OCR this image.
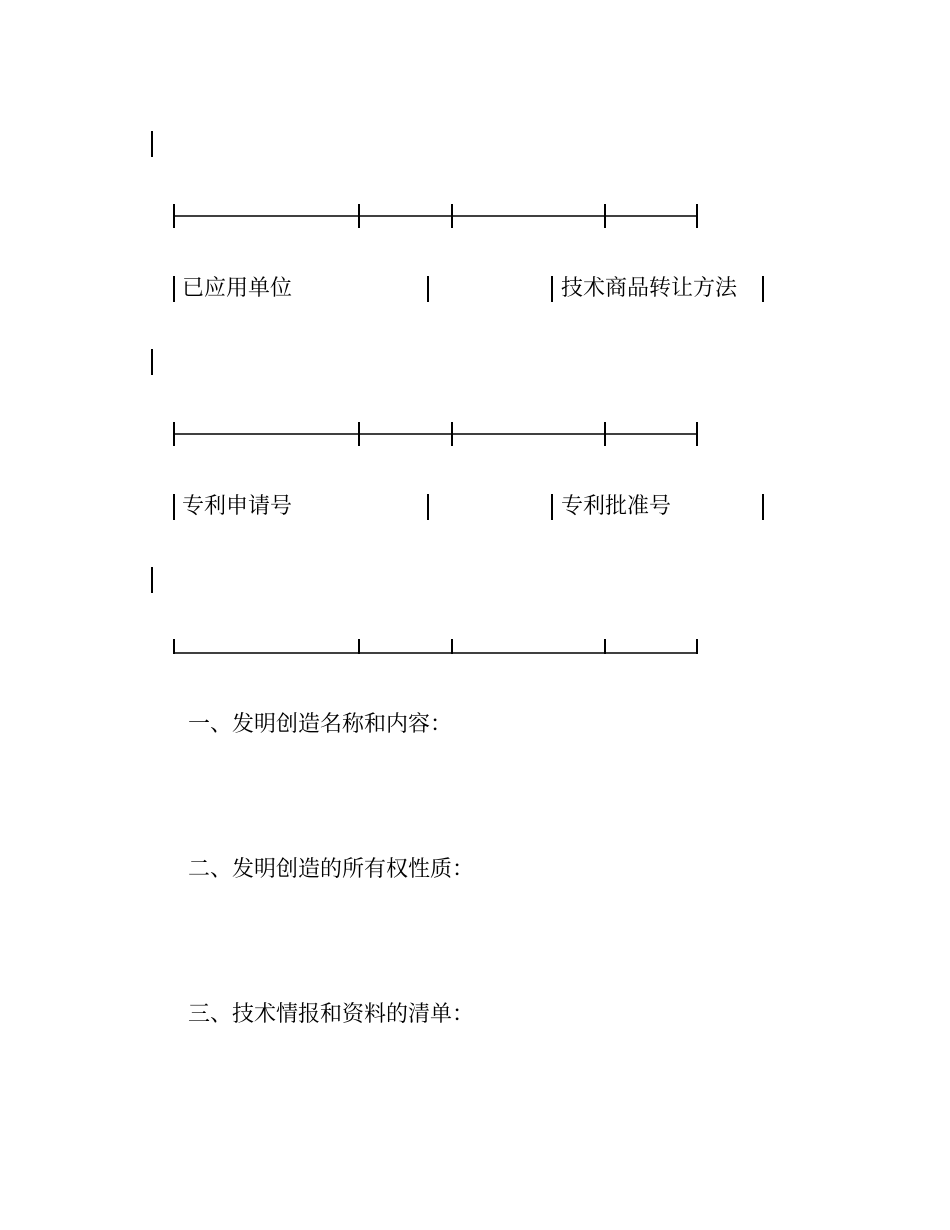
已应用单位	技术商品转让方法
专利申请号	专利批准号
一、发明创造名称和内容：
二、发明创造的所有权性质：
三、技术情报和资料的清单：
